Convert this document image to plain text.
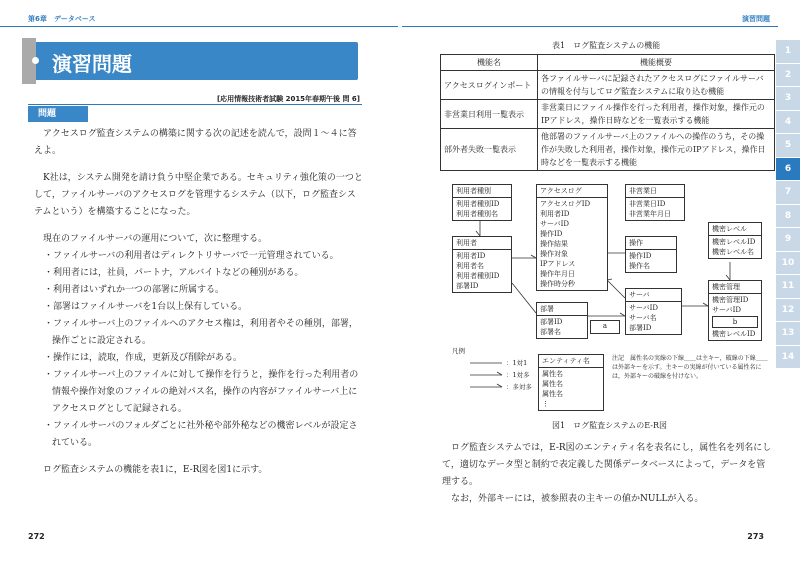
第6章　データベース
演習問題
[応用情報技術者試験 2015年春期午後 問 6]
問題

アクセスログ監査システムの構築に関する次の記述を読んで，設問１～４に答えよ。

K社は，システム開発を請け負う中堅企業である。セキュリティ強化策の一つとして，ファイルサーバのアクセスログを管理するシステム（以下，ログ監査システムという）を構築することになった。

現在のファイルサーバの運用について，次に整理する。

・ファイルサーバの利用者はディレクトリサーバで一元管理されている。

・利用者には，社員，パートナ，アルバイトなどの種別がある。

・利用者はいずれか一つの部署に所属する。

・部署はファイルサーバを1台以上保有している。

・ファイルサーバ上のファイルへのアクセス権は，利用者やその種別，部署，操作ごとに設定される。

・操作には，読取，作成，更新及び削除がある。

・ファイルサーバ上のファイルに対して操作を行うと，操作を行った利用者の情報や操作対象のファイルの絶対パス名，操作の内容がファイルサーバ上にアクセスログとして記録される。

・ファイルサーバのフォルダごとに社外秘や部外秘などの機密レベルが設定されている。

ログ監査システムの機能を表1に，E-R図を図1に示す。

272
演習問題
表1　ログ監査システムの機能
機能名	機能概要
アクセスログインポート	各ファイルサーバに記録されたアクセスログにファイルサーバの情報を付与してログ監査システムに取り込む機能
非営業日利用一覧表示	非営業日にファイル操作を行った利用者，操作対象，操作元のIPアドレス，操作日時などを一覧表示する機能
部外者失敗一覧表示	他部署のファイルサーバ上のファイルへの操作のうち，その操作が失敗した利用者，操作対象，操作元のIPアドレス，操作日時などを一覧表示する機能
利用者種別
利用者種別ID
利用者種別名
アクセスログ
アクセスログID
利用者ID
サーバID
操作ID
操作結果
操作対象
IPアドレス
操作年月日
操作時分秒
非営業日
非営業日ID
非営業年月日
利用者
利用者ID
利用者名
利用者種別ID
部署ID
操作
操作ID
操作名
機密レベル
機密レベルID
機密レベル名
機密管理
機密管理ID
サーバID
b
機密レベルID
サーバ
サーバID
サーバ名
部署ID
部署
部署ID
部署名
a
凡例
：1対1
：1対多
：多対多
エンティティ名
属性名
属性名
属性名
⋮
注記　属性名の実線の下線＿＿は主キー，破線の下線＿＿は外部キーを示す。主キーの実線が付いている属性名には，外部キーの破線を付けない。
図1　ログ監査システムのE-R図

ログ監査システムでは，E-R図のエンティティ名を表名にし，属性名を列名にして，適切なデータ型と制約で表定義した関係データベースによって，データを管理する。

なお，外部キーには，被参照表の主キーの値かNULLが入る。

273
1
2
3
4
5
6
7
8
9
10
11
12
13
14
